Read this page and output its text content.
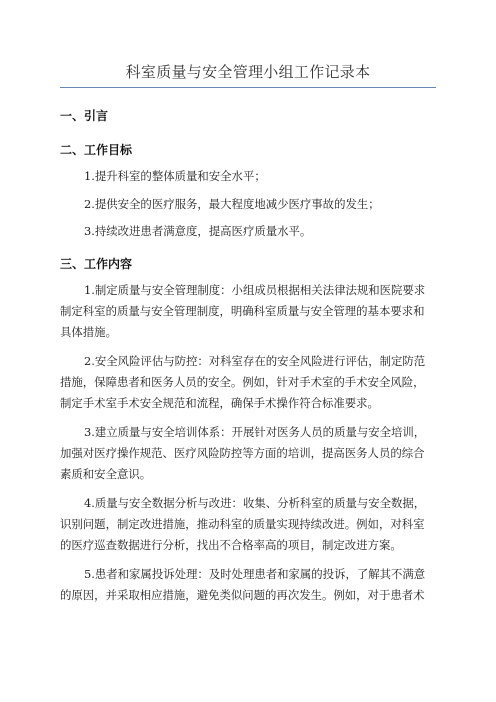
科室质量与安全管理小组工作记录本
一、引言
二、工作目标
1.提升科室的整体质量和安全水平；
2.提供安全的医疗服务，最大程度地减少医疗事故的发生；
3.持续改进患者满意度，提高医疗质量水平。
三、工作内容
1.制定质量与安全管理制度：小组成员根据相关法律法规和医院要求
制定科室的质量与安全管理制度，明确科室质量与安全管理的基本要求和
具体措施。
2.安全风险评估与防控：对科室存在的安全风险进行评估，制定防范
措施，保障患者和医务人员的安全。例如，针对手术室的手术安全风险，
制定手术室手术安全规范和流程，确保手术操作符合标准要求。
3.建立质量与安全培训体系：开展针对医务人员的质量与安全培训，
加强对医疗操作规范、医疗风险防控等方面的培训，提高医务人员的综合
素质和安全意识。
4.质量与安全数据分析与改进：收集、分析科室的质量与安全数据，
识别问题，制定改进措施，推动科室的质量实现持续改进。例如，对科室
的医疗巡查数据进行分析，找出不合格率高的项目，制定改进方案。
5.患者和家属投诉处理：及时处理患者和家属的投诉，了解其不满意
的原因，并采取相应措施，避免类似问题的再次发生。例如，对于患者术
